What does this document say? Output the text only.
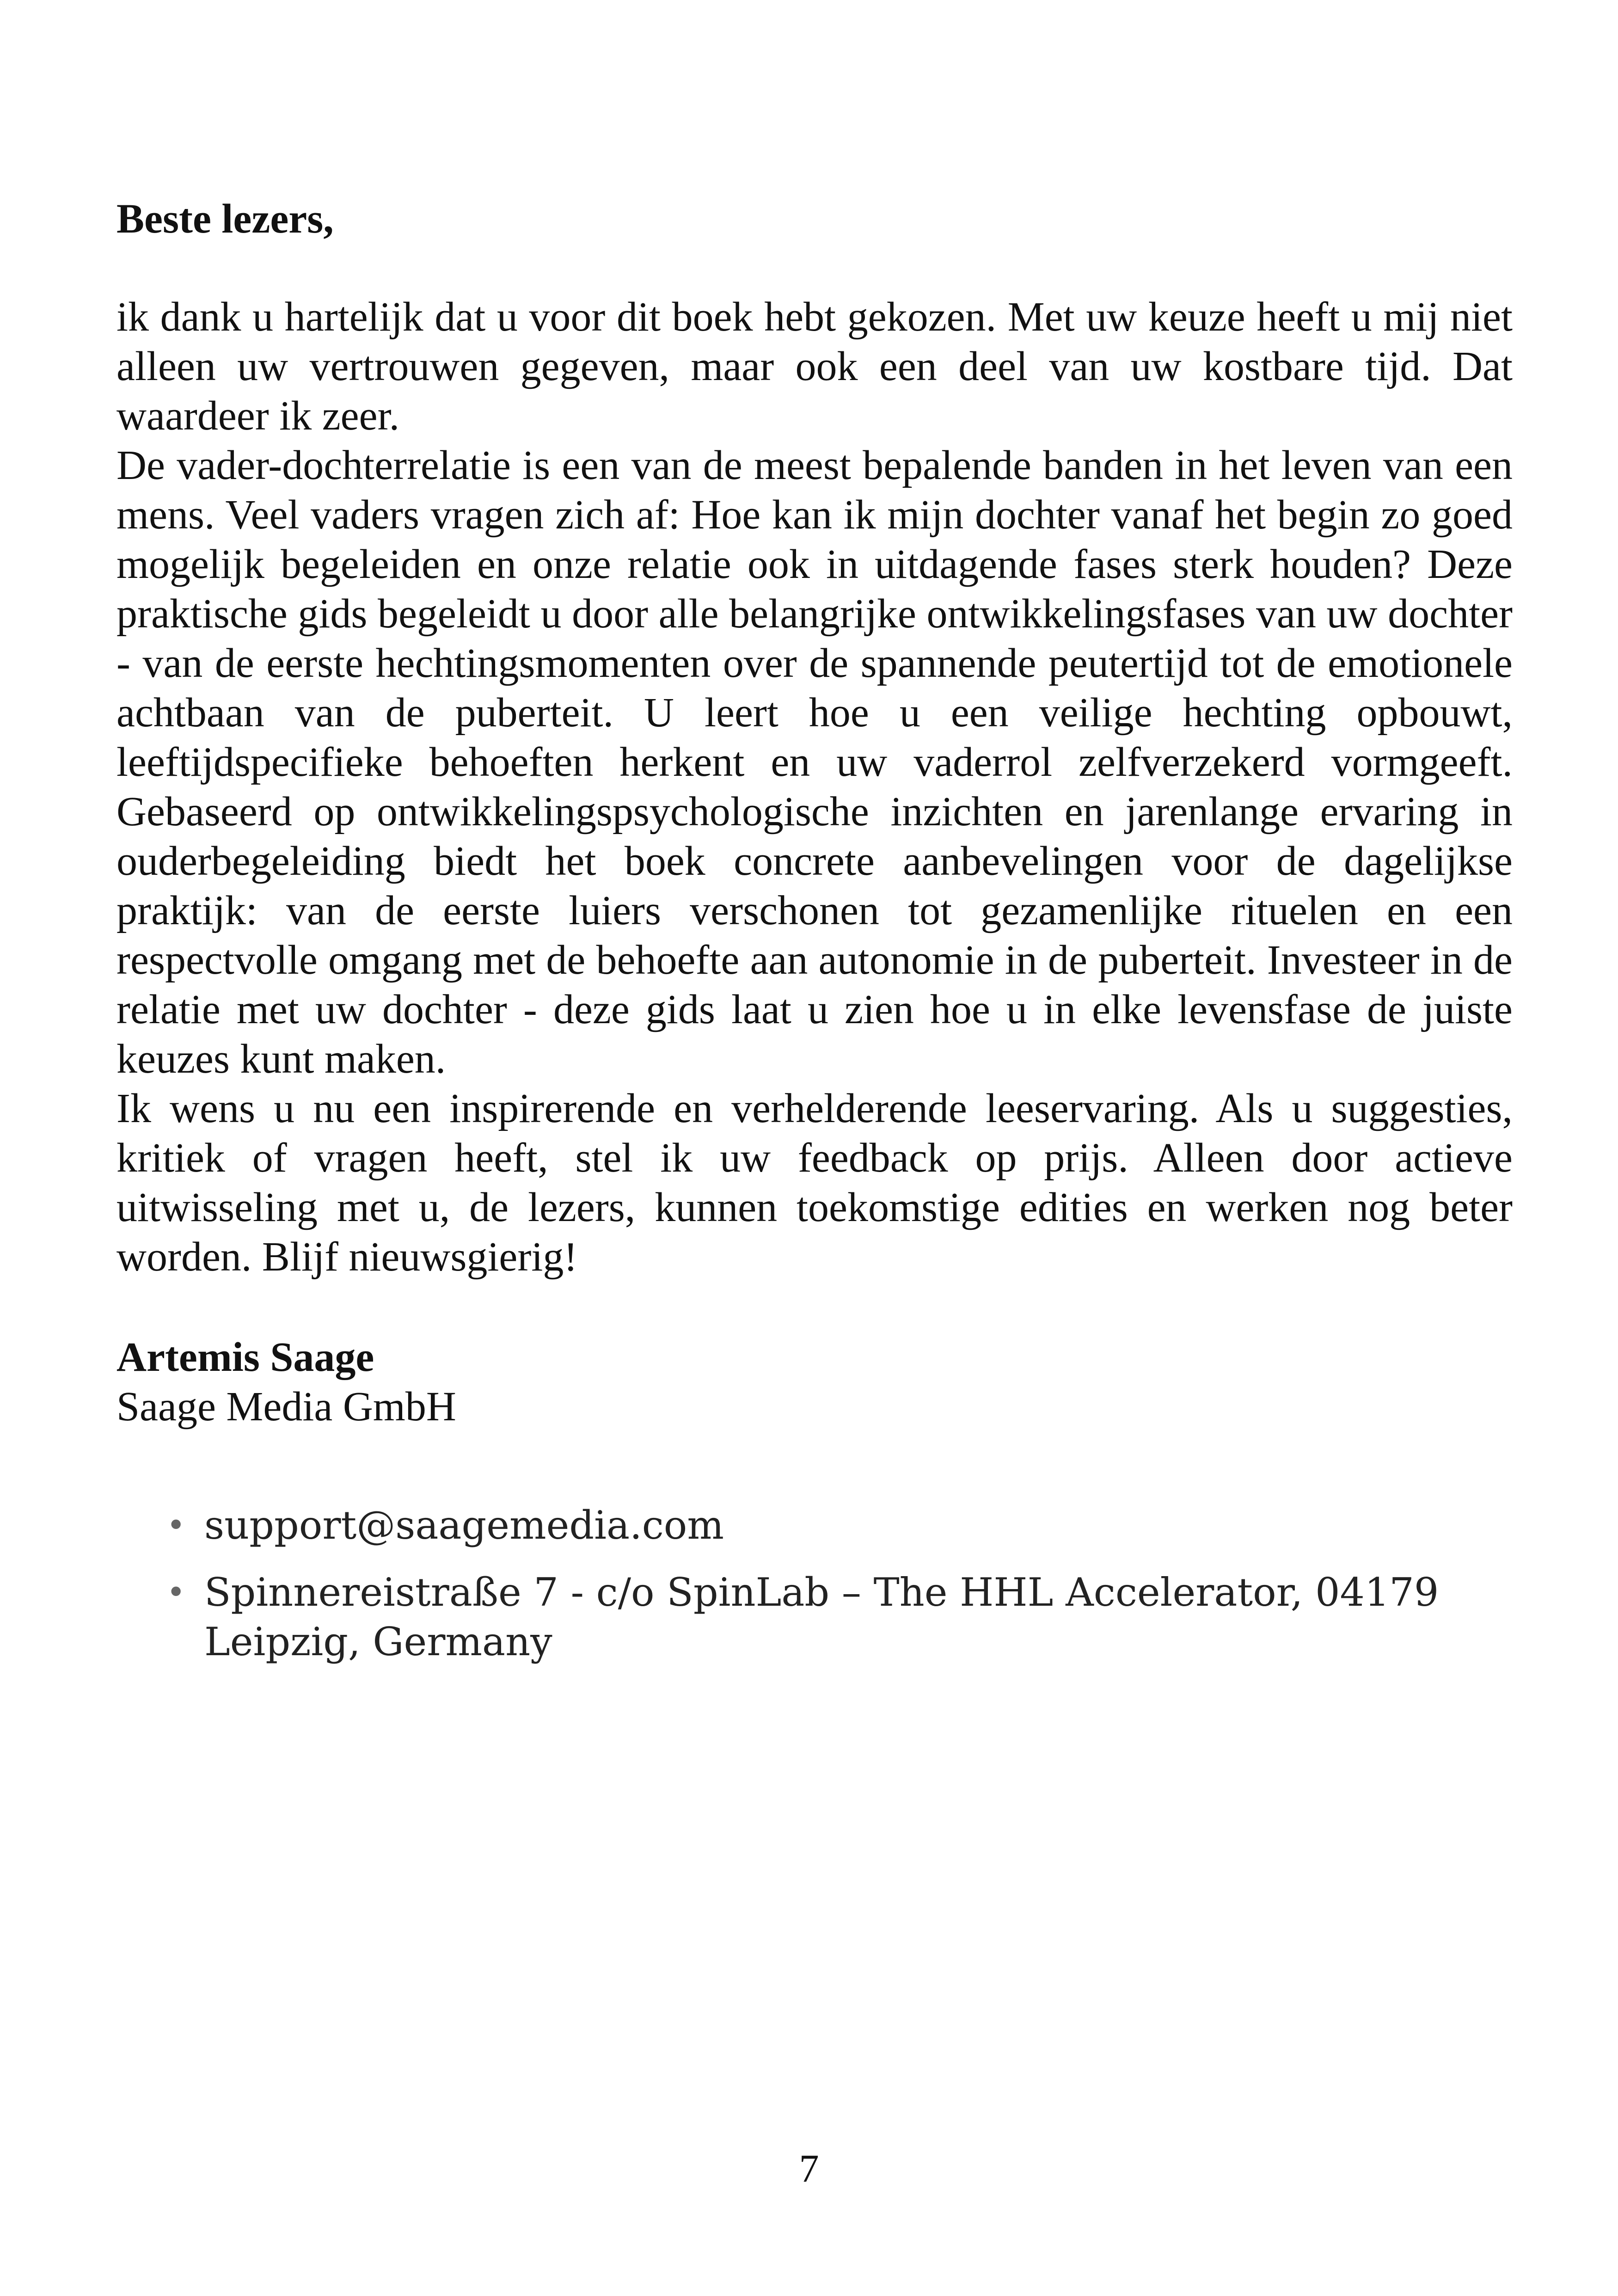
Beste lezers,

ik dank u hartelijk dat u voor dit boek hebt gekozen. Met uw keuze heeft u mij niet alleen uw vertrouwen gegeven, maar ook een deel van uw kostbare tijd. Dat waardeer ik zeer.

De vader-dochterrelatie is een van de meest bepalende banden in het leven van een mens. Veel vaders vragen zich af: Hoe kan ik mijn dochter vanaf het begin zo goed mogelijk begeleiden en onze relatie ook in uitdagende fases sterk houden? Deze praktische gids begeleidt u door alle belangrijke ontwikkelingsfases van uw dochter - van de eerste hechtingsmomenten over de spannende peutertijd tot de emotionele achtbaan van de puberteit. U leert hoe u een veilige hechting opbouwt, leeftijdspecifieke behoeften herkent en uw vaderrol zelfverzekerd vormgeeft. Gebaseerd op ontwikkelingspsychologische inzichten en jarenlange ervaring in ouderbegeleiding biedt het boek concrete aanbevelingen voor de dagelijkse praktijk: van de eerste luiers verschonen tot gezamenlijke rituelen en een respectvolle omgang met de behoefte aan autonomie in de puberteit. Investeer in de relatie met uw dochter - deze gids laat u zien hoe u in elke levensfase de juiste keuzes kunt maken.

Ik wens u nu een inspirerende en verhelderende leeservaring. Als u suggesties, kritiek of vragen heeft, stel ik uw feedback op prijs. Alleen door actieve uitwisseling met u, de lezers, kunnen toekomstige edities en werken nog beter worden. Blijf nieuwsgierig!

Artemis Saage

Saage Media GmbH

• support@saagemedia.com
• Spinnereistraße 7 - c/o SpinLab – The HHL Accelerator, 04179 Leipzig, Germany
7
